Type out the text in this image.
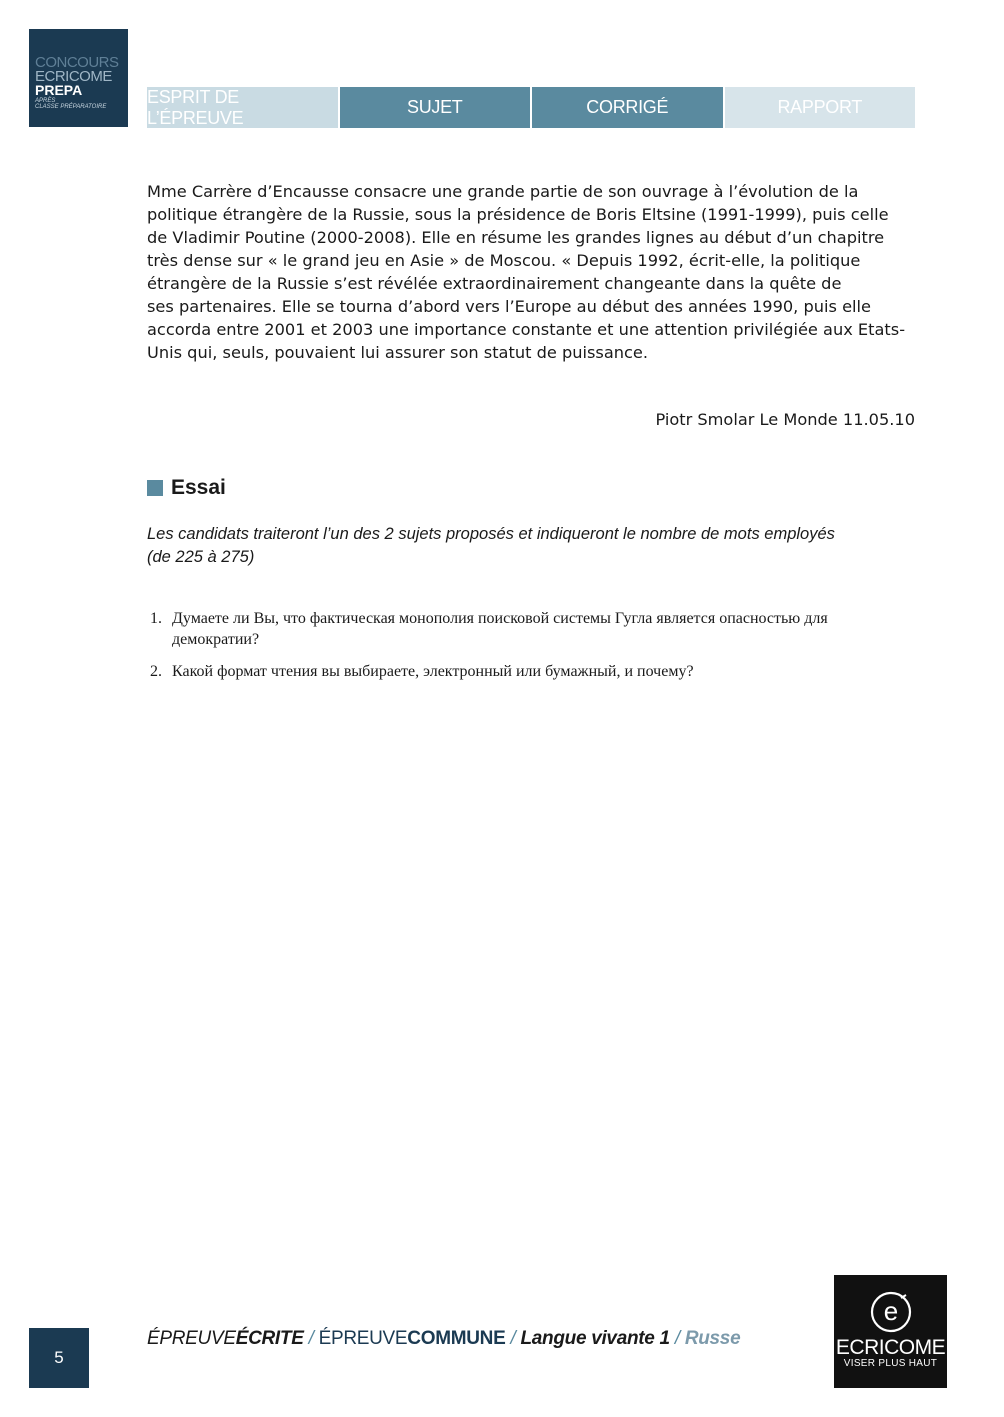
CONCOURS
ECRICOME
PREPA
APRÈS
CLASSE PRÉPARATOIRE
ESPRIT DE L’ÉPREUVE
SUJET	CORRIGÉ	RAPPORT
Mme Carrère d’Encausse consacre une grande partie de son ouvrage à l’évolution de la
politique étrangère de la Russie, sous la présidence de Boris Eltsine (1991-1999), puis celle
de Vladimir Poutine (2000-2008). Elle en résume les grandes lignes au début d’un chapitre
très dense sur « le grand jeu en Asie » de Moscou. « Depuis 1992, écrit-elle, la politique
étrangère de la Russie s’est révélée extraordinairement changeante dans la quête de
ses partenaires. Elle se tourna d’abord vers l’Europe au début des années 1990, puis elle
accorda entre 2001 et 2003 une importance constante et une attention privilégiée aux Etats-
Unis qui, seuls, pouvaient lui assurer son statut de puissance.
Piotr Smolar Le Monde 11.05.10
Essai
Les candidats traiteront l’un des 2 sujets proposés et indiqueront le nombre de mots employés
(de 225 à 275)
1. Думаете ли Вы, что фактическая монополия поисковой системы Гугла является опасностью для демократии?
2. Какой формат чтения вы выбираете, электронный или бумажный, и почему?
5
ÉPREUVE ÉCRITE / ÉPREUVE COMMUNE / Langue vivante 1 / Russe
e
ECRICOME
VISER PLUS HAUT
